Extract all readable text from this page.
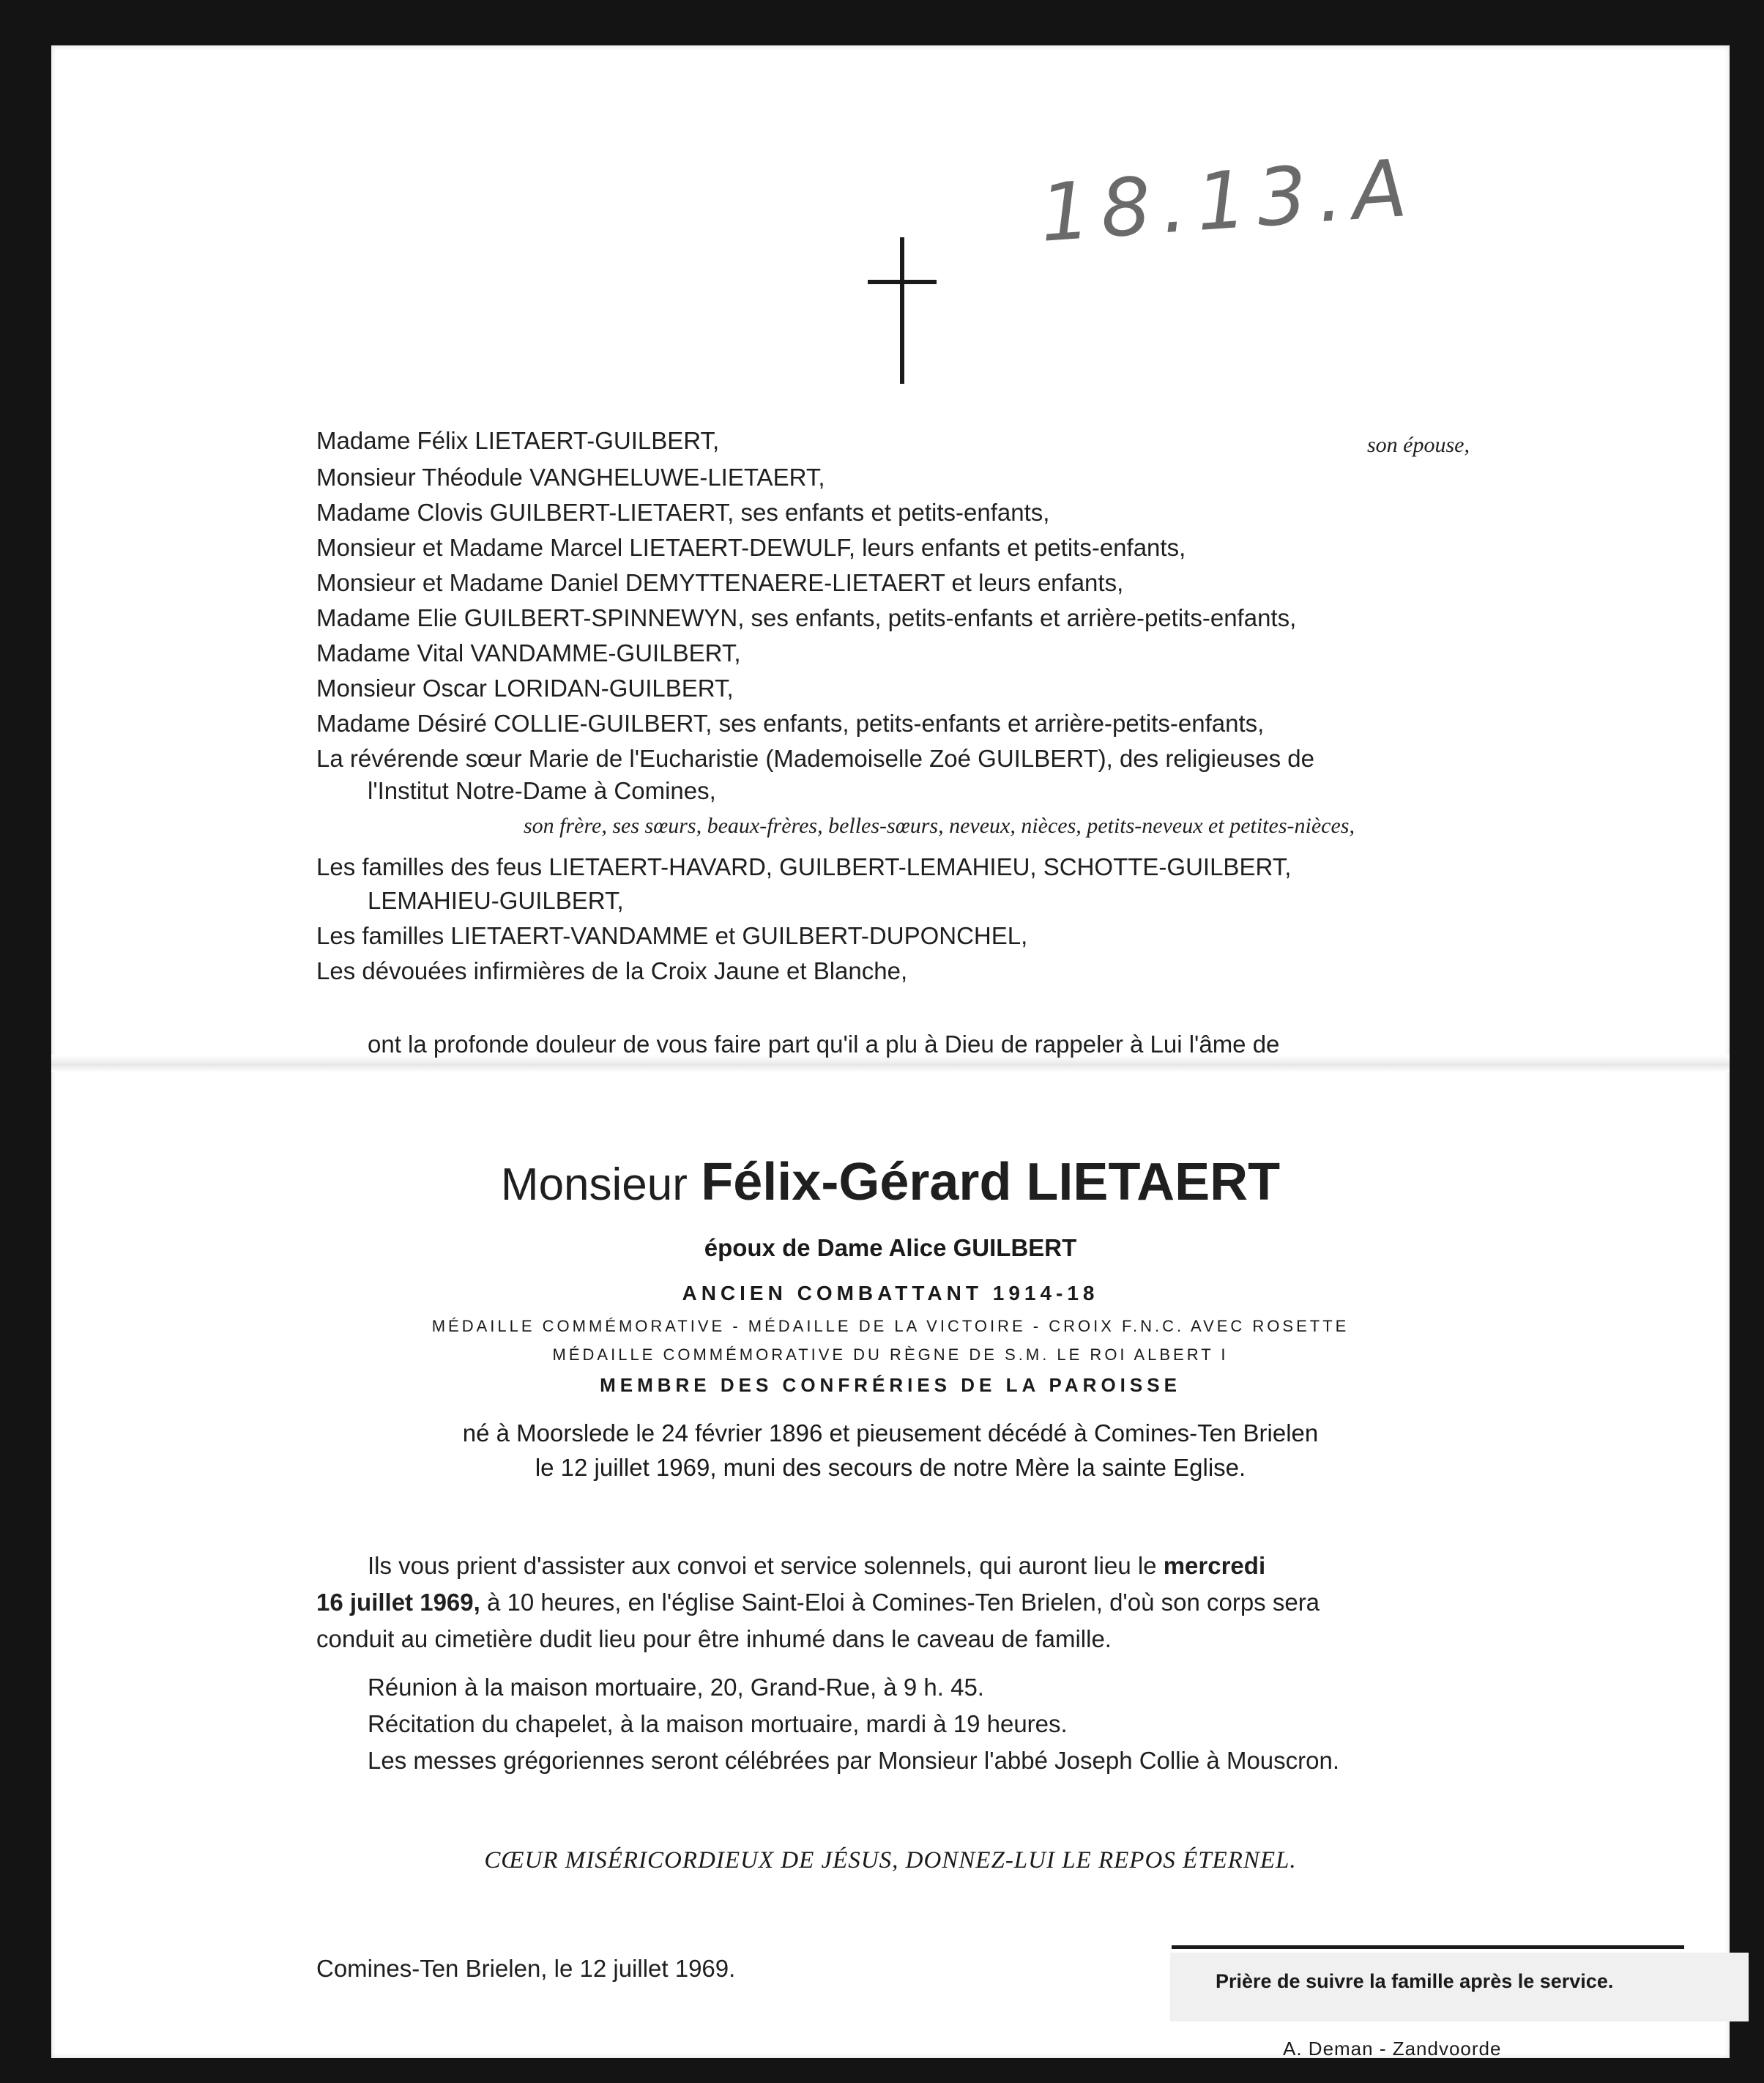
18.13.A
Madame Félix LIETAERT-GUILBERT,	son épouse,
Monsieur Théodule VANGHELUWE-LIETAERT,
Madame Clovis GUILBERT-LIETAERT, ses enfants et petits-enfants,
Monsieur et Madame Marcel LIETAERT-DEWULF, leurs enfants et petits-enfants,
Monsieur et Madame Daniel DEMYTTENAERE-LIETAERT et leurs enfants,
Madame Elie GUILBERT-SPINNEWYN, ses enfants, petits-enfants et arrière-petits-enfants,
Madame Vital VANDAMME-GUILBERT,
Monsieur Oscar LORIDAN-GUILBERT,
Madame Désiré COLLIE-GUILBERT, ses enfants, petits-enfants et arrière-petits-enfants,
La révérende sœur Marie de l'Eucharistie (Mademoiselle Zoé GUILBERT), des religieuses de
l'Institut Notre-Dame à Comines,
son frère, ses sœurs, beaux-frères, belles-sœurs, neveux, nièces, petits-neveux et petites-nièces,
Les familles des feus LIETAERT-HAVARD, GUILBERT-LEMAHIEU, SCHOTTE-GUILBERT,
LEMAHIEU-GUILBERT,
Les familles LIETAERT-VANDAMME et GUILBERT-DUPONCHEL,
Les dévouées infirmières de la Croix Jaune et Blanche,
ont la profonde douleur de vous faire part qu'il a plu à Dieu de rappeler à Lui l'âme de
Monsieur Félix-Gérard LIETAERT
époux de Dame Alice GUILBERT
ANCIEN COMBATTANT 1914-18
MÉDAILLE COMMÉMORATIVE - MÉDAILLE DE LA VICTOIRE - CROIX F.N.C. AVEC ROSETTE
MÉDAILLE COMMÉMORATIVE DU RÈGNE DE S.M. LE ROI ALBERT I
MEMBRE DES CONFRÉRIES DE LA PAROISSE
né à Moorslede le 24 février 1896 et pieusement décédé à Comines-Ten Brielen
le 12 juillet 1969, muni des secours de notre Mère la sainte Eglise.
Ils vous prient d'assister aux convoi et service solennels, qui auront lieu le mercredi
16 juillet 1969, à 10 heures, en l'église Saint-Eloi à Comines-Ten Brielen, d'où son corps sera
conduit au cimetière dudit lieu pour être inhumé dans le caveau de famille.
Réunion à la maison mortuaire, 20, Grand-Rue, à 9 h. 45.
Récitation du chapelet, à la maison mortuaire, mardi à 19 heures.
Les messes grégoriennes seront célébrées par Monsieur l'abbé Joseph Collie à Mouscron.
CŒUR MISÉRICORDIEUX DE JÉSUS, DONNEZ-LUI LE REPOS ÉTERNEL.
Comines-Ten Brielen, le 12 juillet 1969.	Prière de suivre la famille après le service.
A. Deman - Zandvoorde
